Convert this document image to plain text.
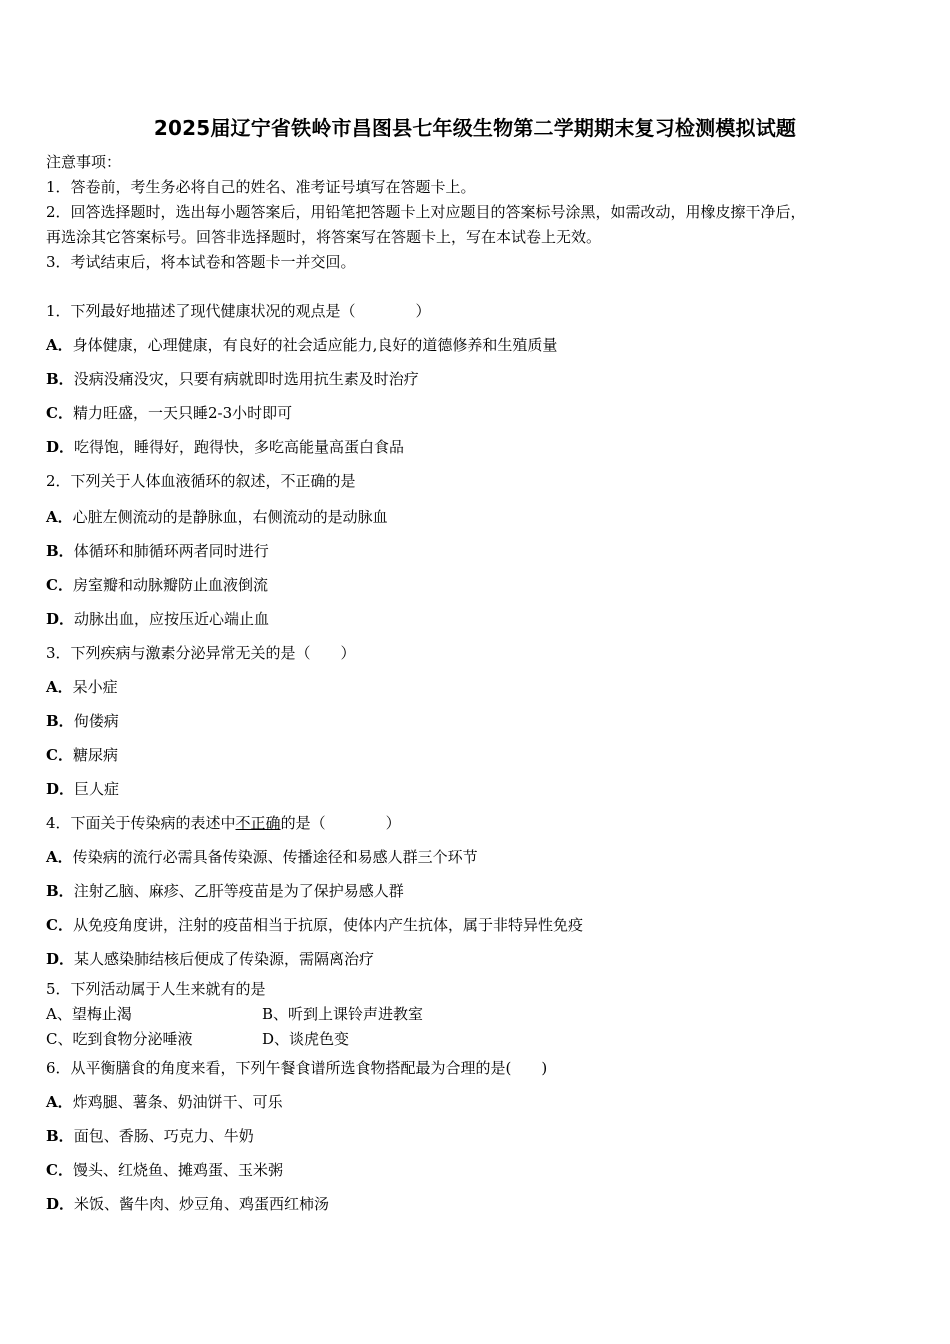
2025届辽宁省铁岭市昌图县七年级生物第二学期期末复习检测模拟试题
注意事项：
1．答卷前，考生务必将自己的姓名、准考证号填写在答题卡上。
2．回答选择题时，选出每小题答案后，用铅笔把答题卡上对应题目的答案标号涂黑，如需改动，用橡皮擦干净后，
再选涂其它答案标号。回答非选择题时，将答案写在答题卡上，写在本试卷上无效。
3．考试结束后，将本试卷和答题卡一并交回。
1．下列最好地描述了现代健康状况的观点是（　　　　）
A．身体健康，心理健康，有良好的社会适应能力,良好的道德修养和生殖质量
B．没病没痛没灾，只要有病就即时选用抗生素及时治疗
C．精力旺盛，一天只睡2-3小时即可
D．吃得饱，睡得好，跑得快，多吃高能量高蛋白食品
2．下列关于人体血液循环的叙述，不正确的是
A．心脏左侧流动的是静脉血，右侧流动的是动脉血
B．体循环和肺循环两者同时进行
C．房室瓣和动脉瓣防止血液倒流
D．动脉出血，应按压近心端止血
3．下列疾病与激素分泌异常无关的是（　　）
A．呆小症
B．佝偻病
C．糖尿病
D．巨人症
4．下面关于传染病的表述中不正确的是（　　　　）
A．传染病的流行必需具备传染源、传播途径和易感人群三个环节
B．注射乙脑、麻疹、乙肝等疫苗是为了保护易感人群
C．从免疫角度讲，注射的疫苗相当于抗原，使体内产生抗体，属于非特异性免疫
D．某人感染肺结核后便成了传染源，需隔离治疗
5．下列活动属于人生来就有的是
A、望梅止渴	B、听到上课铃声进教室
C、吃到食物分泌唾液	D、谈虎色变
6．从平衡膳食的角度来看，下列午餐食谱所选食物搭配最为合理的是(　　)
A．炸鸡腿、薯条、奶油饼干、可乐
B．面包、香肠、巧克力、牛奶
C．馒头、红烧鱼、摊鸡蛋、玉米粥
D．米饭、酱牛肉、炒豆角、鸡蛋西红柿汤
